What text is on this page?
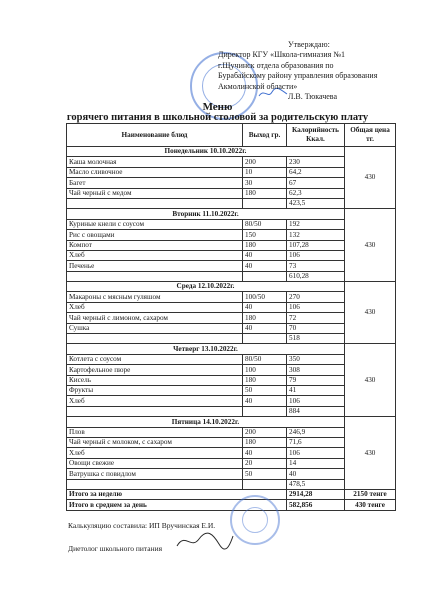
Утверждаю:
Директор КГУ «Школа-гимназия №1
г.Щучинск отдела образования по
Бурабайскому району управления образования
Акмолинской области»
Л.В. Тюкачева
Меню
горячего питания в школьной столовой за родительскую плату
Наименование блюд	Выход гр.	Калорийность Ккал.	Общая цена тг.
Понедельник 10.10.2022г.			430
Каша молочная	200	230	
Масло сливочное	10	64,2	
Багет	30	67	
Чай черный с медом	180	62,3	
		423,5	
Вторник 11.10.2022г.			430
Куриные кнели с соусом	80/50	192	
Рис с овощами	150	132	
Компот	180	107,28	
Хлеб	40	106	
Печенье	40	73	
		610,28	
Среда 12.10.2022г.			430
Макароны с мясным гуляшом	100/50	270	
Хлеб	40	106	
Чай черный с лимоном, сахаром	180	72	
Сушка	40	70	
		518	
Четверг 13.10.2022г.			430
Котлета с соусом	80/50	350	
Картофельное пюре	100	308	
Кисель	180	79	
Фрукты	50	41	
Хлеб	40	106	
		884	
Пятница 14.10.2022г.			430
Плов	200	246,9	
Чай черный с молоком, с сахаром	180	71,6	
Хлеб	40	106	
Овощи свежие	20	14	
Ватрушка с повидлом	50	40	
		478,5	
Итого за неделю		2914,28	2150 тенге
Итого в среднем за день		582,856	430 тенге
Калькуляцию составила: ИП Вручинская Е.И.
Диетолог школьного питания
